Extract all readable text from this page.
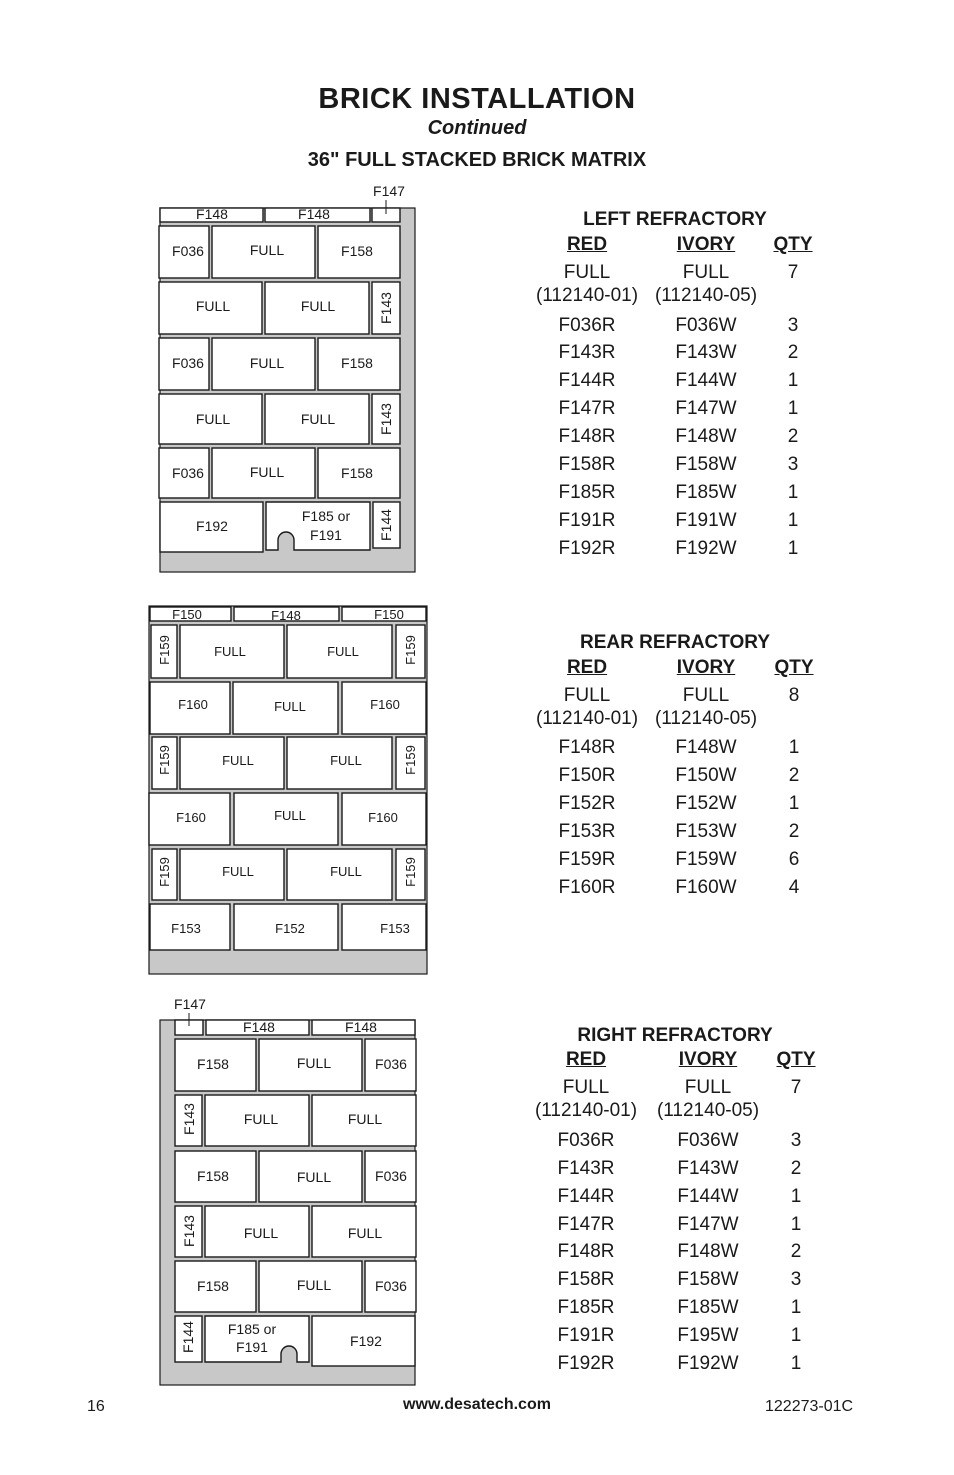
BRICK INSTALLATION
Continued
36" FULL STACKED BRICK MATRIX
F147
F148	F148
F036	FULL	F158
FULL	FULL	F143
F036	FULL	F158
FULL	FULL	F143
F036	FULL	F158
F192
F185 or
F191	F144
F150	F148	F150
F159	FULL	FULL	F159
F160	FULL	F160
F159	FULL	FULL	F159
F160	FULL	F160
F159	FULL	FULL	F159
F153	F152	F153
F147
F148	F148
F158	FULL	F036
F143	FULL	FULL
F158	FULL	F036
F143	FULL	FULL
F158	FULL	F036
F144 F185 or
F191	F192
LEFT REFRACTORY
RED	IVORY	QTY
FULL	FULL	7
(112140-01) (112140-05)
F036R	F036W	3
F143R	F143W	2
F144R	F144W	1
F147R	F147W	1
F148R	F148W	2
F158R	F158W	3
F185R	F185W	1
F191R	F191W	1
F192R	F192W	1
REAR REFRACTORY
RED	IVORY	QTY
FULL	FULL	8
(112140-01) (112140-05)
F148R	F148W	1
F150R	F150W	2
F152R	F152W	1
F153R	F153W	2
F159R	F159W	6
F160R	F160W	4
RIGHT REFRACTORY
RED	IVORY	QTY
FULL	FULL	7
(112140-01)	(112140-05)
F036R	F036W	3
F143R	F143W	2
F144R	F144W	1
F147R	F147W	1
F148R	F148W	2
F158R	F158W	3
F185R	F185W	1
F191R	F195W	1
F192R	F192W	1
16	www.desatech.com	122273-01C
